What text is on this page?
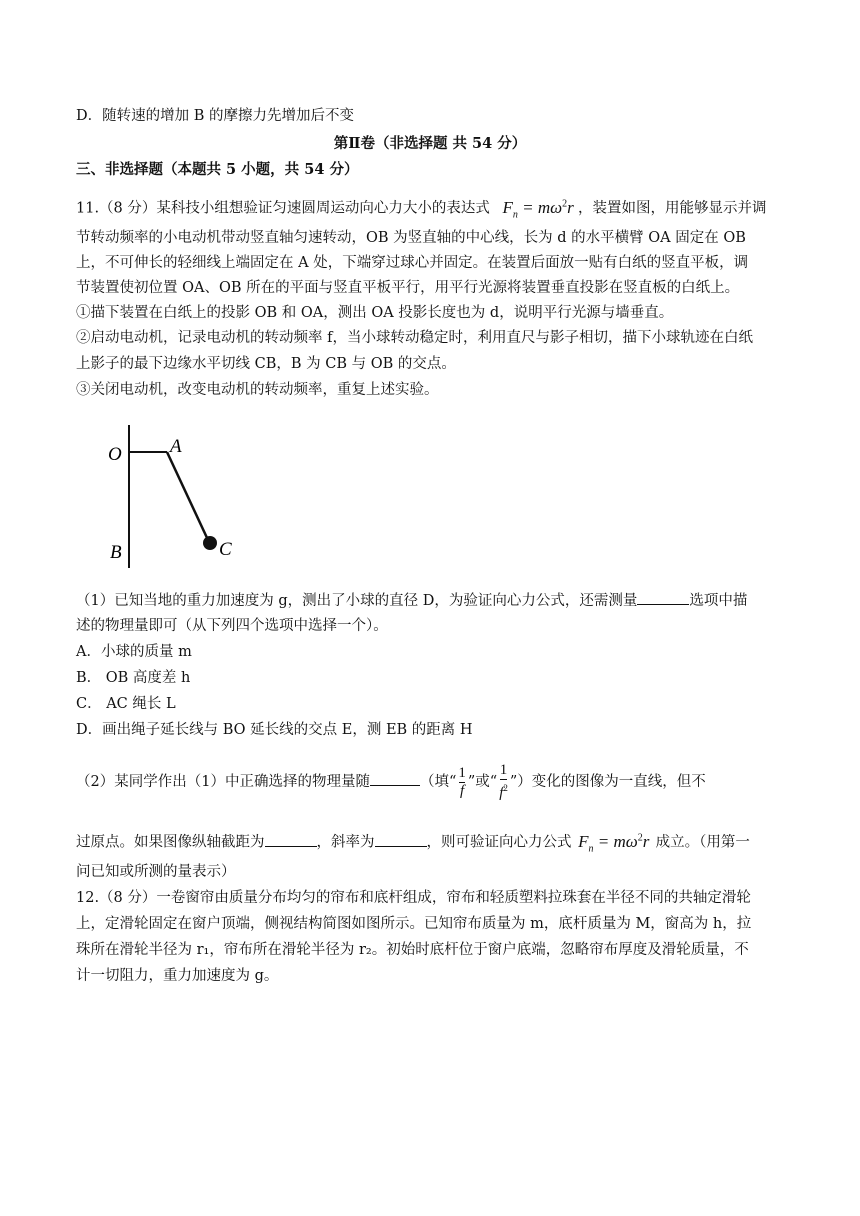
D．随转速的增加 B 的摩擦力先增加后不变
第Ⅱ卷（非选择题 共 54 分）
三、非选择题（本题共 5 小题，共 54 分）
11.（8 分）某科技小组想验证匀速圆周运动向心力大小的表达式 $F_n = m\omega^2r$ ，装置如图，用能够显示并调
节转动频率的小电动机带动竖直轴匀速转动，OB 为竖直轴的中心线，长为 d 的水平横臂 OA 固定在 OB
上，不可伸长的轻细线上端固定在 A 处，下端穿过球心并固定。在装置后面放一贴有白纸的竖直平板，调
节装置使初位置 OA、OB 所在的平面与竖直平板平行，用平行光源将装置垂直投影在竖直板的白纸上。
①描下装置在白纸上的投影 OB 和 OA，测出 OA 投影长度也为 d，说明平行光源与墙垂直。
②启动电动机，记录电动机的转动频率 f，当小球转动稳定时，利用直尺与影子相切，描下小球轨迹在白纸
上影子的最下边缘水平切线 CB，B 为 CB 与 OB 的交点。
③关闭电动机，改变电动机的转动频率，重复上述实验。
O	A
B	C
（1）已知当地的重力加速度为 g，测出了小球的直径 D，为验证向心力公式，还需测量	选项中描
述的物理量即可（从下列四个选项中选择一个）。
A．小球的质量 m
B． OB 高度差 h
C． AC 绳长 L
D．画出绳子延长线与 BO 延长线的交点 E，测 EB 的距离 H
（2）某同学作出（1）中正确选择的物理量随	（填“ $\frac{1}{f}$ ”或“ $\frac{1}{f^2}$ ”）变化的图像为一直线，但不
过原点。如果图像纵轴截距为	，斜率为	，则可验证向心力公式 $F_n = m\omega^2r$ 成立。（用第一
问已知或所测的量表示）
12.（8 分）一卷窗帘由质量分布均匀的帘布和底杆组成，帘布和轻质塑料拉珠套在半径不同的共轴定滑轮
上，定滑轮固定在窗户顶端，侧视结构简图如图所示。已知帘布质量为 m，底杆质量为 M，窗高为 h，拉
珠所在滑轮半径为 r₁，帘布所在滑轮半径为 r₂。初始时底杆位于窗户底端，忽略帘布厚度及滑轮质量，不
计一切阻力，重力加速度为 g。
